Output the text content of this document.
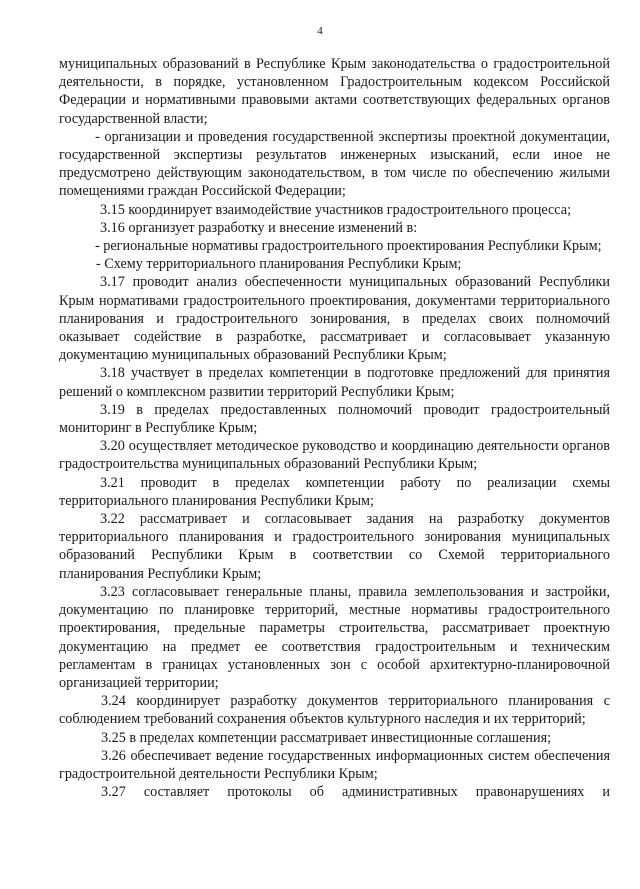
4

муниципальных образований в Республике Крым законодательства о градостроительной деятельности, в порядке, установленном Градостроительным кодексом Российской Федерации и нормативными правовыми актами соответствующих федеральных органов государственной власти;

- организации и проведения государственной экспертизы проектной документации, государственной экспертизы результатов инженерных изысканий, если иное не предусмотрено действующим законодательством, в том числе по обеспечению жилыми помещениями граждан Российской Федерации;

3.15 координирует взаимодействие участников градостроительного процесса;

3.16 организует разработку и внесение изменений в:

- региональные нормативы градостроительного проектирования Республики Крым;

- Схему территориального планирования Республики Крым;

3.17 проводит анализ обеспеченности муниципальных образований Республики Крым нормативами градостроительного проектирования, документами территориального планирования и градостроительного зонирования, в пределах своих полномочий оказывает содействие в разработке, рассматривает и согласовывает указанную документацию муниципальных образований Республики Крым;

3.18 участвует в пределах компетенции в подготовке предложений для принятия решений о комплексном развитии территорий Республики Крым;

3.19 в пределах предоставленных полномочий проводит градостроительный мониторинг в Республике Крым;

3.20 осуществляет методическое руководство и координацию деятельности органов градостроительства муниципальных образований Республики Крым;

3.21 проводит в пределах компетенции работу по реализации схемы территориального планирования Республики Крым;

3.22 рассматривает и согласовывает задания на разработку документов территориального планирования и градостроительного зонирования муниципальных образований Республики Крым в соответствии со Схемой территориального планирования Республики Крым;

3.23 согласовывает генеральные планы, правила землепользования и застройки, документацию по планировке территорий, местные нормативы градостроительного проектирования, предельные параметры строительства, рассматривает проектную документацию на предмет ее соответствия градостроительным и техническим регламентам в границах установленных зон с особой архитектурно-планировочной организацией территории;

3.24 координирует разработку документов территориального планирования с соблюдением требований сохранения объектов культурного наследия и их территорий;

3.25 в пределах компетенции рассматривает инвестиционные соглашения;

3.26 обеспечивает ведение государственных информационных систем обеспечения градостроительной деятельности Республики Крым;

3.27 составляет протоколы об административных правонарушениях и
